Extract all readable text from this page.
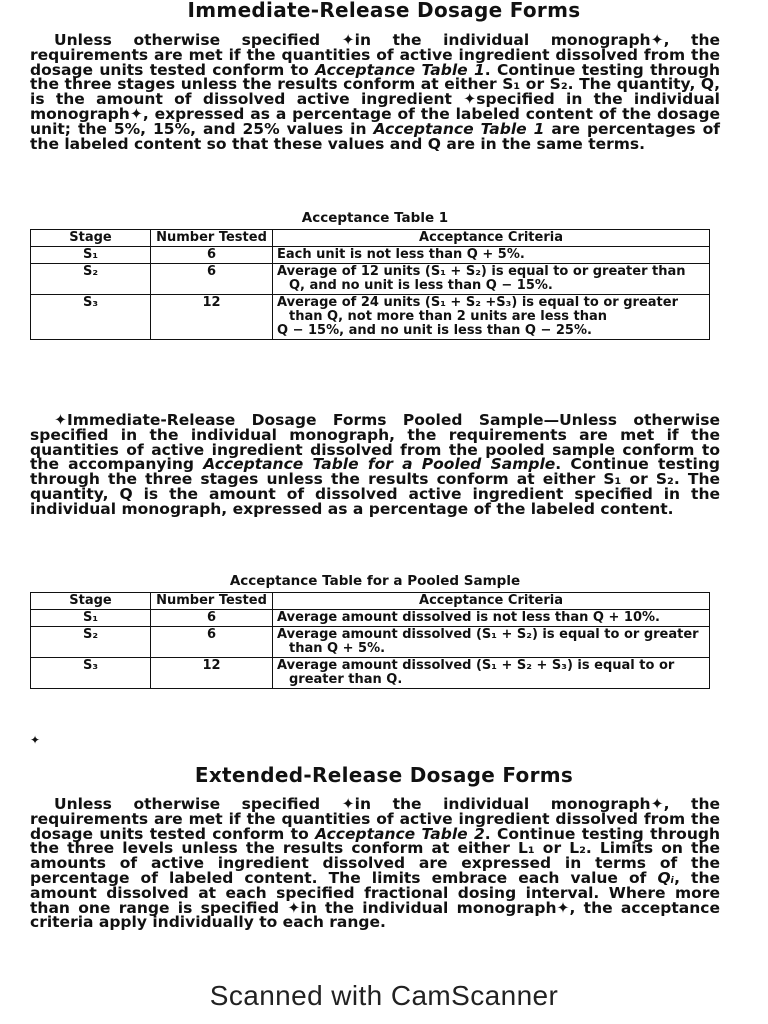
Immediate-Release Dosage Forms

Unless otherwise specified ✦in the individual monograph✦, the requirements are met if the quantities of active ingredient dissolved from the dosage units tested conform to Acceptance Table 1. Continue testing through the three stages unless the results conform at either S₁ or S₂. The quantity, Q, is the amount of dissolved active ingredient ✦specified in the individual monograph✦, expressed as a percentage of the labeled content of the dosage unit; the 5%, 15%, and 25% values in Acceptance Table 1 are percentages of the labeled content so that these values and Q are in the same terms.

Acceptance Table 1
Stage	Number Tested	Acceptance Criteria
S₁	6	Each unit is not less than Q + 5%.

S₂	6	Average of 12 units (S₁ + S₂) is equal to or greater than Q, and no unit is less than Q − 15%.

S₃	12	Average of 24 units (S₁ + S₂ +S₃) is equal to or greater than Q, not more than 2 units are less than
Q − 15%, and no unit is less than Q − 25%.

✦Immediate-Release Dosage Forms Pooled Sample—Unless otherwise specified in the individual monograph, the requirements are met if the quantities of active ingredient dissolved from the pooled sample conform to the accompanying Acceptance Table for a Pooled Sample. Continue testing through the three stages unless the results conform at either S₁ or S₂. The quantity, Q is the amount of dissolved active ingredient specified in the individual monograph, expressed as a percentage of the labeled content.

Acceptance Table for a Pooled Sample
Stage	Number Tested	Acceptance Criteria
S₁	6	Average amount dissolved is not less than Q + 10%.

S₂	6	Average amount dissolved (S₁ + S₂) is equal to or greater than Q + 5%.

S₃	12	Average amount dissolved (S₁ + S₂ + S₃) is equal to or greater than Q.
✦
Extended-Release Dosage Forms

Unless otherwise specified ✦in the individual monograph✦, the requirements are met if the quantities of active ingredient dissolved from the dosage units tested conform to Acceptance Table 2. Continue testing through the three levels unless the results conform at either L₁ or L₂. Limits on the amounts of active ingredient dissolved are expressed in terms of the percentage of labeled content. The limits embrace each value of Qᵢ, the amount dissolved at each specified fractional dosing interval. Where more than one range is specified ✦in the individual monograph✦, the acceptance criteria apply individually to each range.

Scanned with CamScanner
